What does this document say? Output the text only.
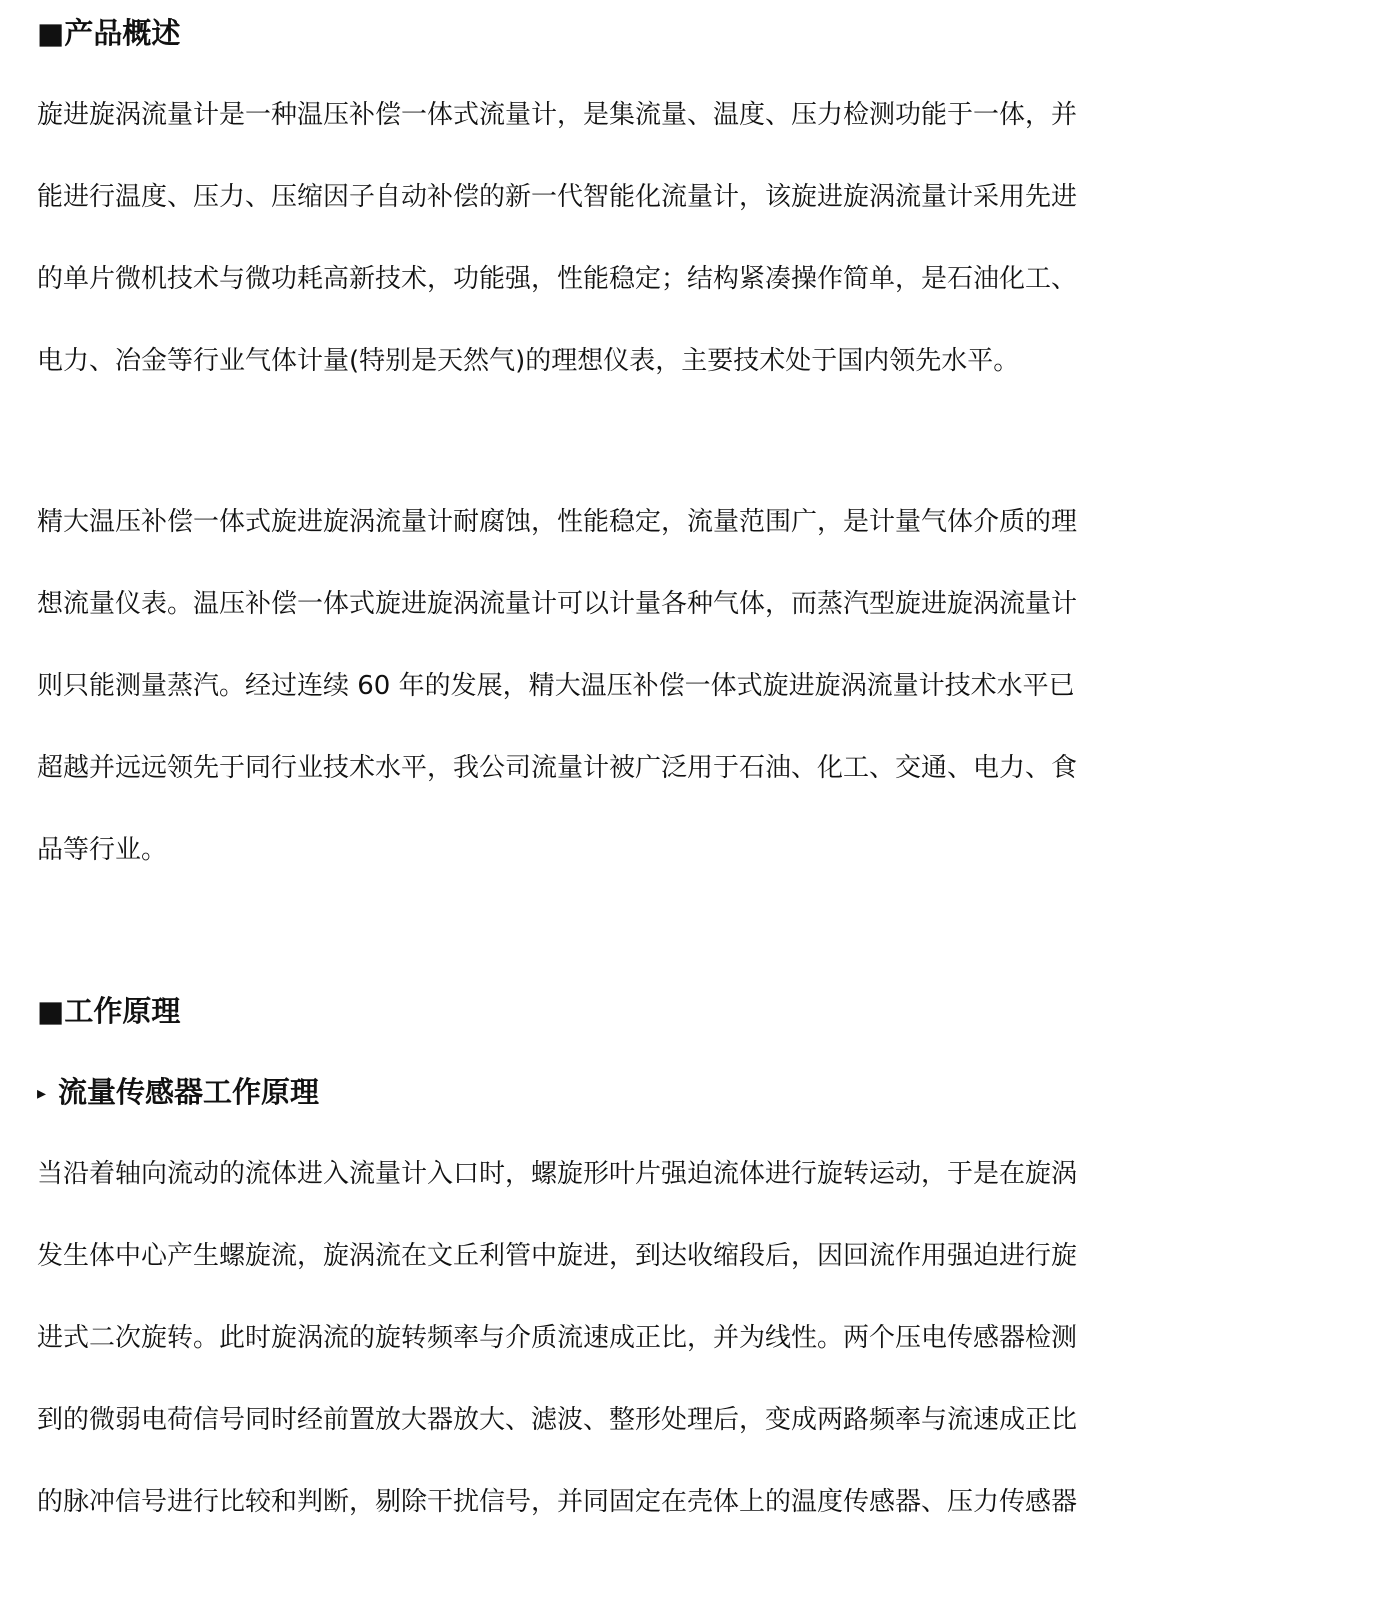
■产品概述
旋进旋涡流量计是一种温压补偿一体式流量计，是集流量、温度、压力检测功能于一体，并
能进行温度、压力、压缩因子自动补偿的新一代智能化流量计，该旋进旋涡流量计采用先进
的单片微机技术与微功耗高新技术，功能强，性能稳定；结构紧凑操作简单，是石油化工、
电力、冶金等行业气体计量(特别是天然气)的理想仪表，主要技术处于国内领先水平。
精大温压补偿一体式旋进旋涡流量计耐腐蚀，性能稳定，流量范围广，是计量气体介质的理
想流量仪表。温压补偿一体式旋进旋涡流量计可以计量各种气体，而蒸汽型旋进旋涡流量计
则只能测量蒸汽。经过连续 60 年的发展，精大温压补偿一体式旋进旋涡流量计技术水平已
超越并远远领先于同行业技术水平，我公司流量计被广泛用于石油、化工、交通、电力、食
品等行业。
■工作原理
▸ 流量传感器工作原理
当沿着轴向流动的流体进入流量计入口时，螺旋形叶片强迫流体进行旋转运动，于是在旋涡
发生体中心产生螺旋流，旋涡流在文丘利管中旋进，到达收缩段后，因回流作用强迫进行旋
进式二次旋转。此时旋涡流的旋转频率与介质流速成正比，并为线性。两个压电传感器检测
到的微弱电荷信号同时经前置放大器放大、滤波、整形处理后，变成两路频率与流速成正比
的脉冲信号进行比较和判断，剔除干扰信号，并同固定在壳体上的温度传感器、压力传感器
